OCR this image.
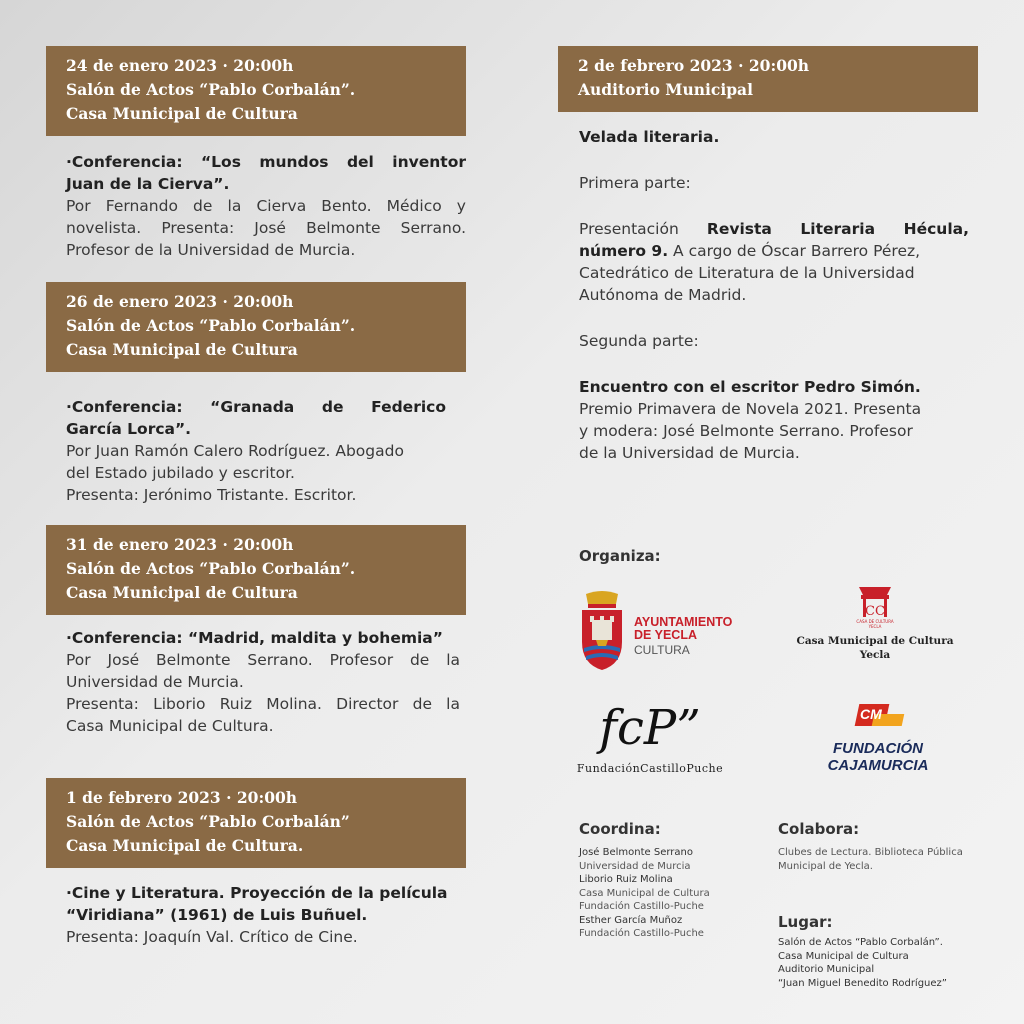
24 de enero 2023 · 20:00h
Salón de Actos “Pablo Corbalán”.
Casa Municipal de Cultura
·Conferencia: “Los mundos del inventor
Juan de la Cierva”.
Por Fernando de la Cierva Bento. Médico y
novelista. Presenta: José Belmonte Serrano.
Profesor de la Universidad de Murcia.
26 de enero 2023 · 20:00h
Salón de Actos “Pablo Corbalán”.
Casa Municipal de Cultura
·Conferencia: “Granada de Federico
García Lorca”.
Por Juan Ramón Calero Rodríguez. Abogado
del Estado jubilado y escritor.
Presenta: Jerónimo Tristante. Escritor.
31 de enero 2023 · 20:00h
Salón de Actos “Pablo Corbalán”.
Casa Municipal de Cultura
·Conferencia: “Madrid, maldita y bohemia”
Por José Belmonte Serrano. Profesor de la
Universidad de Murcia.
Presenta: Liborio Ruiz Molina. Director de la
Casa Municipal de Cultura.
1 de febrero 2023 · 20:00h
Salón de Actos “Pablo Corbalán”
Casa Municipal de Cultura.
·Cine y Literatura. Proyección de la película
“Viridiana” (1961) de Luis Buñuel.
Presenta: Joaquín Val. Crítico de Cine.
2 de febrero 2023 · 20:00h
Auditorio Municipal
Velada literaria.
Primera parte:
Presentación Revista Literaria Hécula,
número 9. A cargo de Óscar Barrero Pérez,
Catedrático de Literatura de la Universidad
Autónoma de Madrid.
Segunda parte:
Encuentro con el escritor Pedro Simón.
Premio Primavera de Novela 2021. Presenta
y modera: José Belmonte Serrano. Profesor
de la Universidad de Murcia.
Organiza:
AYUNTAMIENTO
DE YECLA
CULTURA
CC
CASA DE CULTURA
YECLA
Casa Municipal de Cultura
Yecla
fcP”
FundaciónCastilloPuche
CM
FUNDACIÓN
CAJAMURCIA
Coordina:
José Belmonte Serrano
Universidad de Murcia
Liborio Ruiz Molina
Casa Municipal de Cultura
Fundación Castillo-Puche
Esther García Muñoz
Fundación Castillo-Puche
Colabora:
Clubes de Lectura. Biblioteca Pública
Municipal de Yecla.
Lugar:
Salón de Actos “Pablo Corbalán”.
Casa Municipal de Cultura
Auditorio Municipal
“Juan Miguel Benedito Rodríguez”
